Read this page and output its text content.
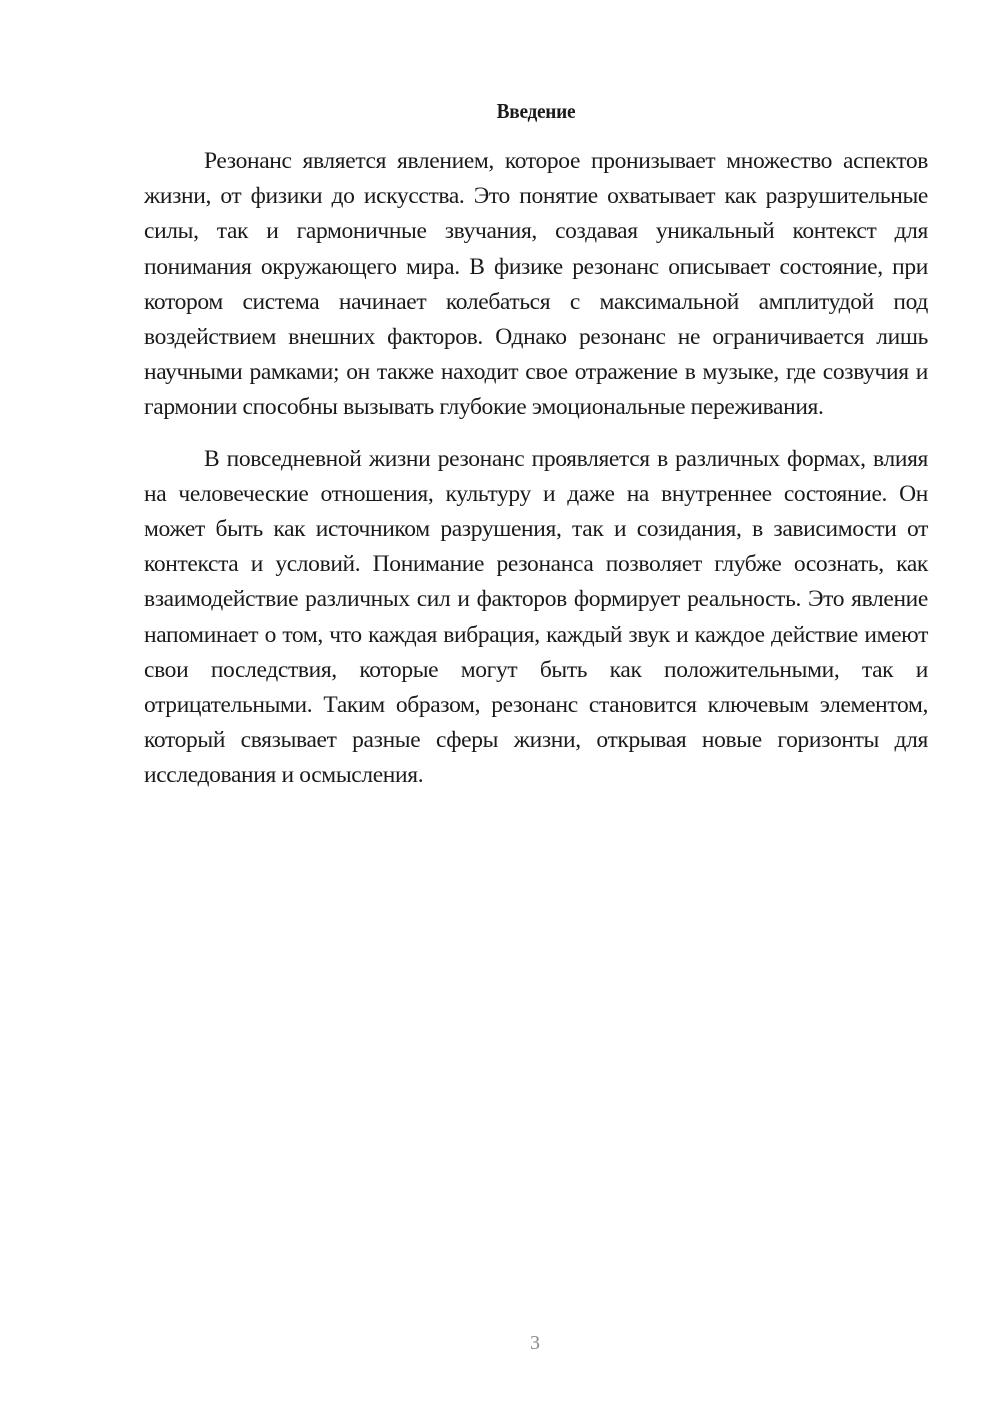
Введение

Резонанс является явлением, которое пронизывает множество аспектов жизни, от физики до искусства. Это понятие охватывает как разрушительные силы, так и гармоничные звучания, создавая уникальный контекст для понимания окружающего мира. В физике резонанс описывает состояние, при котором система начинает колебаться с максимальной амплитудой под воздействием внешних факторов. Однако резонанс не ограничивается лишь научными рамками; он также находит свое отражение в музыке, где созвучия и гармонии способны вызывать глубокие эмоциональные переживания.

В повседневной жизни резонанс проявляется в различных формах, влияя на человеческие отношения, культуру и даже на внутреннее состояние. Он может быть как источником разрушения, так и созидания, в зависимости от контекста и условий. Понимание резонанса позволяет глубже осознать, как взаимодействие различных сил и факторов формирует реальность. Это явление напоминает о том, что каждая вибрация, каждый звук и каждое действие имеют свои последствия, которые могут быть как положительными, так и отрицательными. Таким образом, резонанс становится ключевым элементом, который связывает разные сферы жизни, открывая новые горизонты для исследования и осмысления.

3
